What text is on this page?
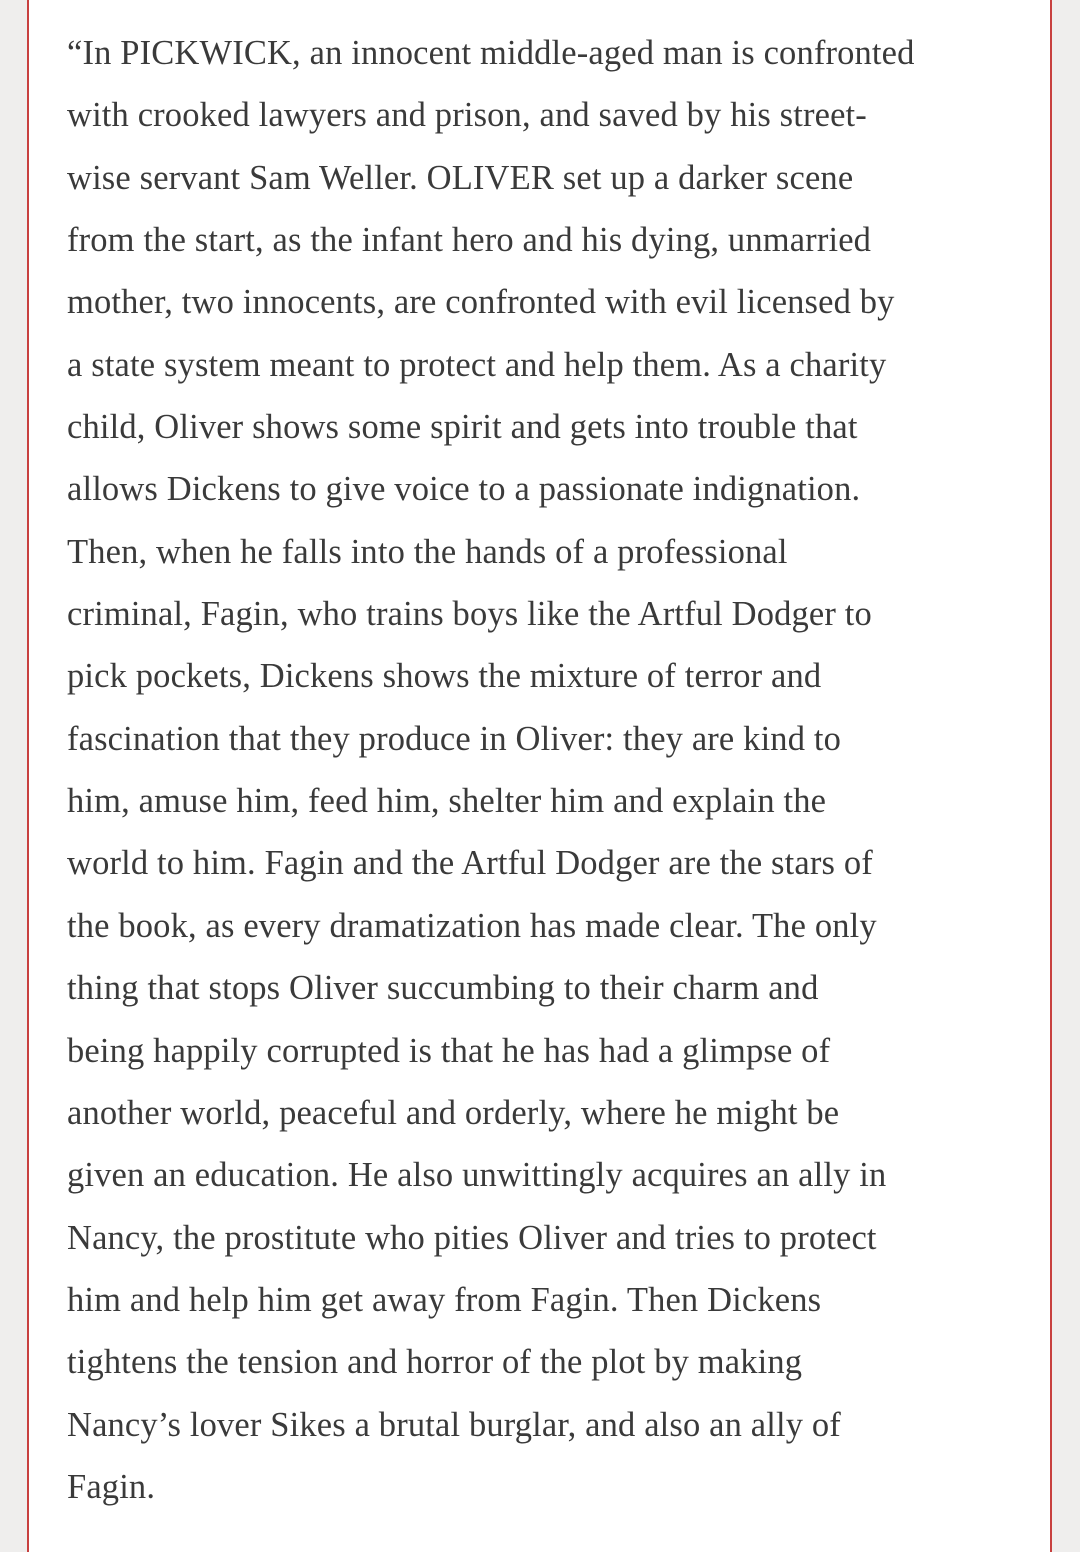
“In PICKWICK, an innocent middle-aged man is confronted
with crooked lawyers and prison, and saved by his street-
wise servant Sam Weller. OLIVER set up a darker scene
from the start, as the infant hero and his dying, unmarried
mother, two innocents, are confronted with evil licensed by
a state system meant to protect and help them. As a charity
child, Oliver shows some spirit and gets into trouble that
allows Dickens to give voice to a passionate indignation.
Then, when he falls into the hands of a professional
criminal, Fagin, who trains boys like the Artful Dodger to
pick pockets, Dickens shows the mixture of terror and
fascination that they produce in Oliver: they are kind to
him, amuse him, feed him, shelter him and explain the
world to him. Fagin and the Artful Dodger are the stars of
the book, as every dramatization has made clear. The only
thing that stops Oliver succumbing to their charm and
being happily corrupted is that he has had a glimpse of
another world, peaceful and orderly, where he might be
given an education. He also unwittingly acquires an ally in
Nancy, the prostitute who pities Oliver and tries to protect
him and help him get away from Fagin. Then Dickens
tightens the tension and horror of the plot by making
Nancy’s lover Sikes a brutal burglar, and also an ally of
Fagin.
